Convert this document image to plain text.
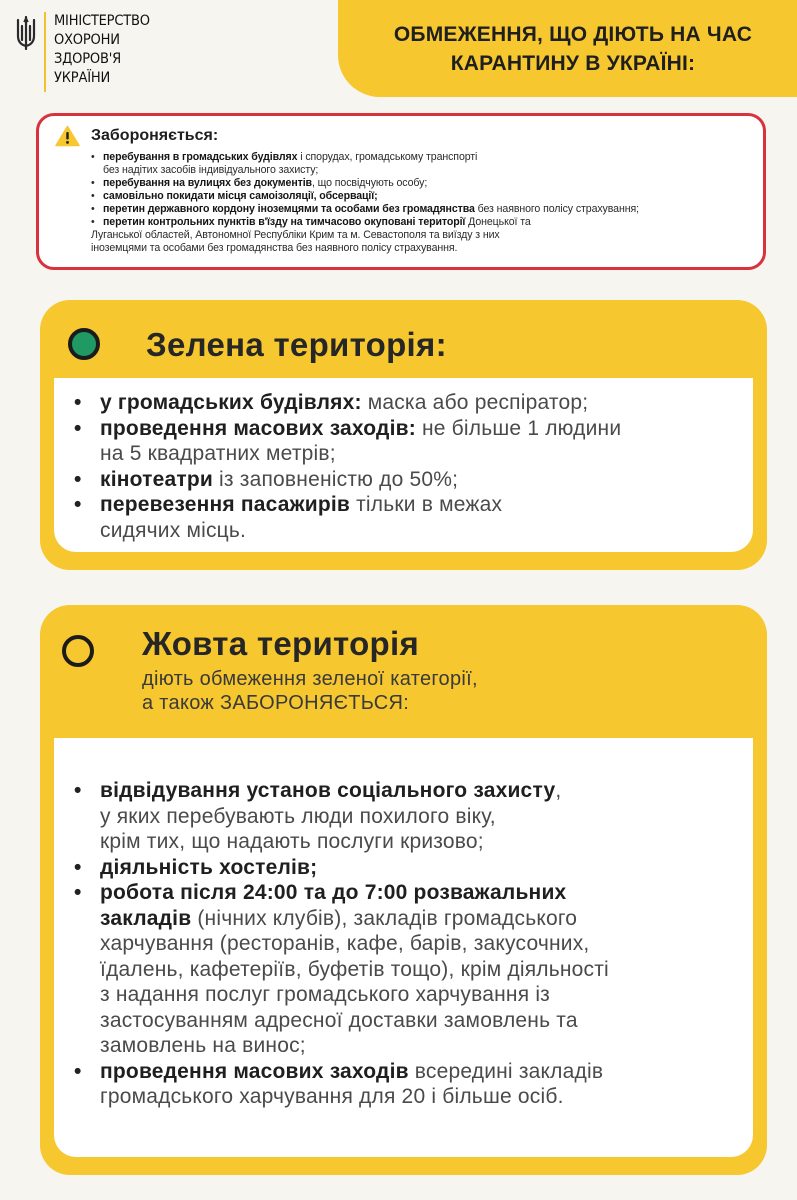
МІНІСТЕРСТВО
ОХОРОНИ
ЗДОРОВ'Я
УКРАЇНИ
ОБМЕЖЕННЯ, ЩО ДІЮТЬ НА ЧАС
КАРАНТИНУ В УКРАЇНІ:
Забороняється:
• перебування в громадських будівлях і спорудах, громадському транспорті
без надітих засобів індивідуального захисту;
• перебування на вулицях без документів, що посвідчують особу;
• самовільно покидати місця самоізоляції, обсервації;
• перетин державного кордону іноземцями та особами без громадянства без наявного полісу страхування;
• перетин контрольних пунктів в'їзду на тимчасово окуповані території Донецької та
Луганської областей, Автономної Республіки Крим та м. Севастополя та виїзду з них
іноземцями та особами без громадянства без наявного полісу страхування.
Зелена територія:
• у громадських будівлях: маска або респіратор;
• проведення масових заходів: не більше 1 людини
на 5 квадратних метрів;
• кінотеатри із заповненістю до 50%;
• перевезення пасажирів тільки в межах
сидячих місць.
Жовта територія
діють обмеження зеленої категорії,
а також ЗАБОРОНЯЄТЬСЯ:
• відвідування установ соціального захисту,
у яких перебувають люди похилого віку,
крім тих, що надають послуги кризово;
• діяльність хостелів;
• робота після 24:00 та до 7:00 розважальних
закладів (нічних клубів), закладів громадського
харчування (ресторанів, кафе, барів, закусочних,
їдалень, кафетеріїв, буфетів тощо), крім діяльності
з надання послуг громадського харчування із
застосуванням адресної доставки замовлень та
замовлень на винос;
• проведення масових заходів всередині закладів
громадського харчування для 20 і більше осіб.
